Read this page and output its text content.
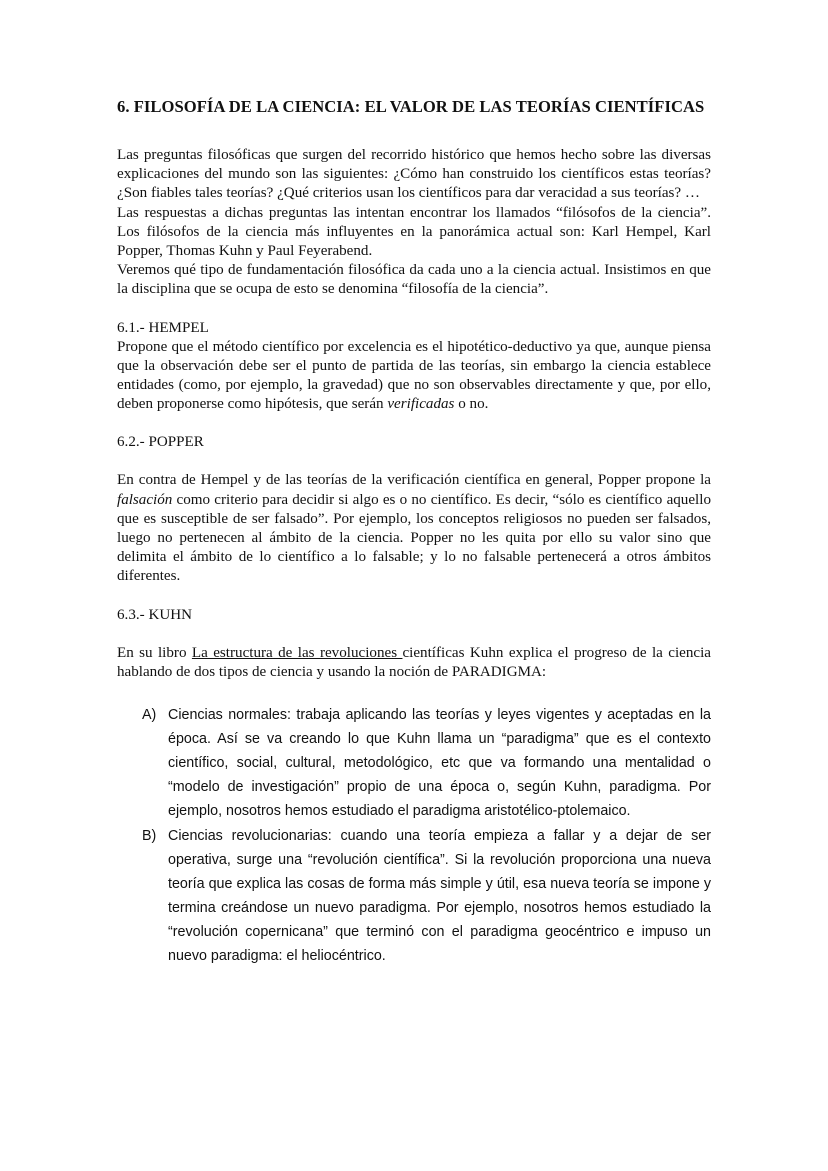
6. FILOSOFÍA DE LA CIENCIA: EL VALOR DE LAS TEORÍAS CIENTÍFICAS

Las preguntas filosóficas que surgen del recorrido histórico que hemos hecho sobre las diversas explicaciones del mundo son las siguientes: ¿Cómo han construido los científicos estas teorías? ¿Son fiables tales teorías? ¿Qué criterios usan los científicos para dar veracidad a sus teorías? …

Las respuestas a dichas preguntas las intentan encontrar los llamados “filósofos de la ciencia”. Los filósofos de la ciencia más influyentes en la panorámica actual son: Karl Hempel, Karl Popper, Thomas Kuhn y Paul Feyerabend.

Veremos qué tipo de fundamentación filosófica da cada uno a la ciencia actual. Insistimos en que la disciplina que se ocupa de esto se denomina “filosofía de la ciencia”.

6.1.- HEMPEL

Propone que el método científico por excelencia es el hipotético-deductivo ya que, aunque piensa que la observación debe ser el punto de partida de las teorías, sin embargo la ciencia establece entidades (como, por ejemplo, la gravedad) que no son observables directamente y que, por ello, deben proponerse como hipótesis, que serán verificadas o no.

6.2.- POPPER

En contra de Hempel y de las teorías de la verificación científica en general, Popper propone la falsación como criterio para decidir si algo es o no científico. Es decir, “sólo es científico aquello que es susceptible de ser falsado”. Por ejemplo, los conceptos religiosos no pueden ser falsados, luego no pertenecen al ámbito de la ciencia. Popper no les quita por ello su valor sino que delimita el ámbito de lo científico a lo falsable; y lo no falsable pertenecerá a otros ámbitos diferentes.

6.3.- KUHN

En su libro La estructura de las revoluciones científicas Kuhn explica el progreso de la ciencia hablando de dos tipos de ciencia y usando la noción de PARADIGMA:

A) Ciencias normales: trabaja aplicando las teorías y leyes vigentes y aceptadas en la época. Así se va creando lo que Kuhn llama un “paradigma” que es el contexto científico, social, cultural, metodológico, etc que va formando una mentalidad o “modelo de investigación” propio de una época o, según Kuhn, paradigma. Por ejemplo, nosotros hemos estudiado el paradigma aristotélico-ptolemaico.
B) Ciencias revolucionarias: cuando una teoría empieza a fallar y a dejar de ser operativa, surge una “revolución científica”. Si la revolución proporciona una nueva teoría que explica las cosas de forma más simple y útil, esa nueva teoría se impone y termina creándose un nuevo paradigma. Por ejemplo, nosotros hemos estudiado la “revolución copernicana” que terminó con el paradigma geocéntrico e impuso un nuevo paradigma: el heliocéntrico.
